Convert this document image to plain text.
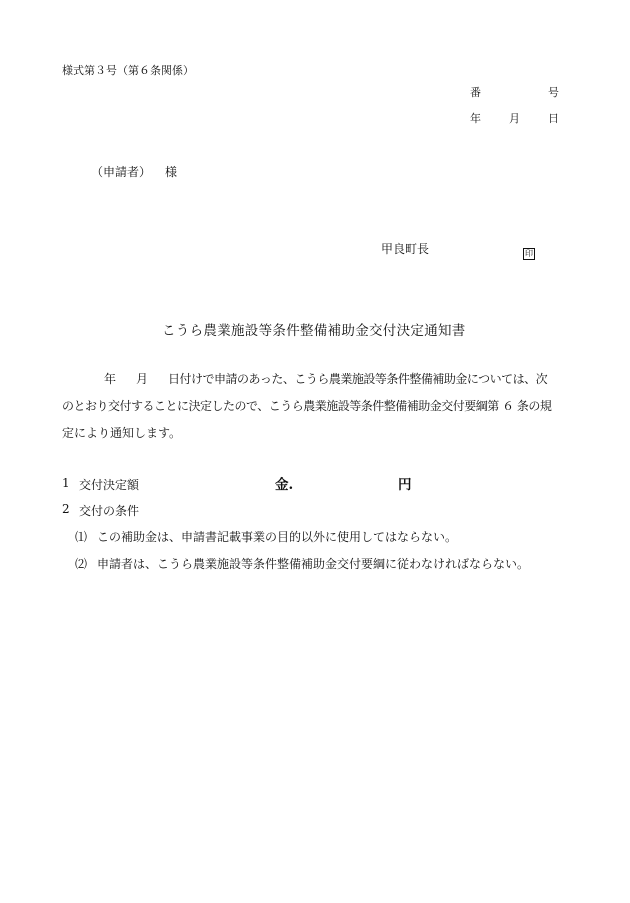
様式第３号（第６条関係）
番	号
年	月	日
（申請者） 様
甲良町長	印
こうら農業施設等条件整備補助金交付決定通知書
年 月 日付けで申請のあった、こうら農業施設等条件整備補助金については、次
のとおり交付することに決定したので、こうら農業施設等条件整備補助金交付要綱第 ６ 条の規
定により通知します。
1 交付決定額	金.	円
2 交付の条件
⑴ この補助金は、申請書記載事業の目的以外に使用してはならない。
⑵ 申請者は、こうら農業施設等条件整備補助金交付要綱に従わなければならない。
